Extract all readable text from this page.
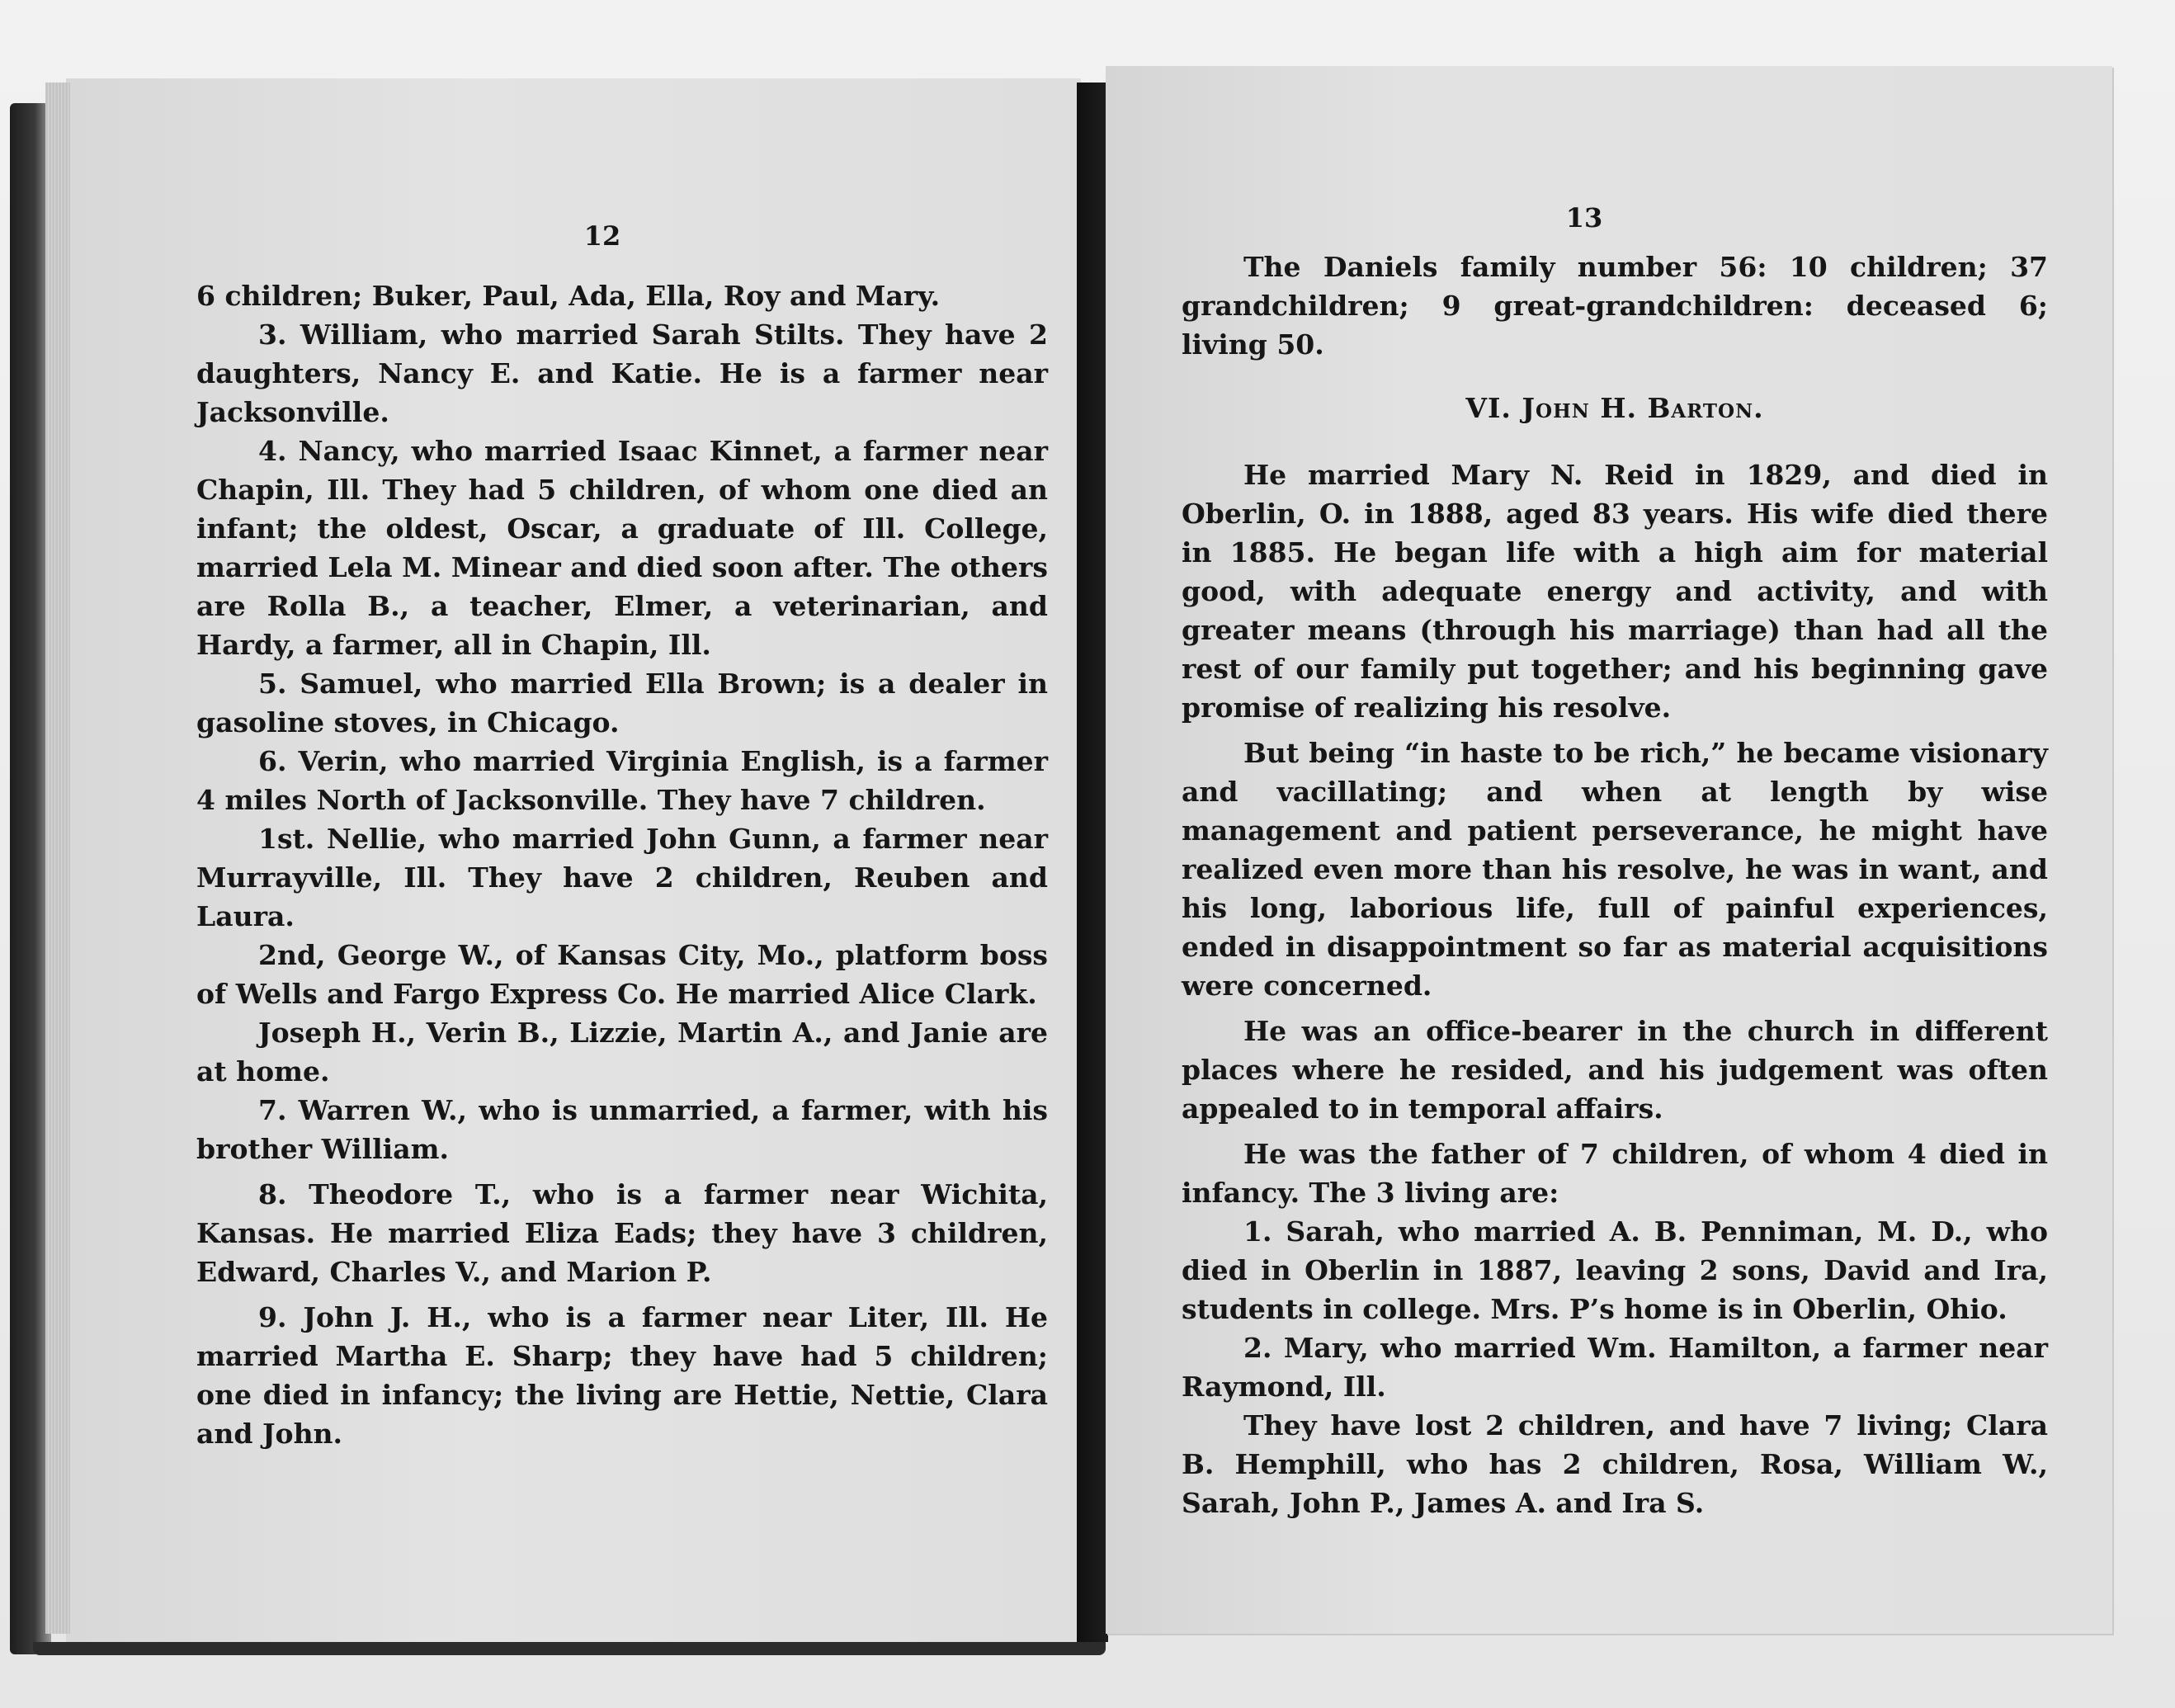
12

6 children; Buker, Paul, Ada, Ella, Roy and Mary.

3. William, who married Sarah Stilts. They have 2 daughters, Nancy E. and Katie. He is a farmer near Jacksonville.

4. Nancy, who married Isaac Kinnet, a farmer near Chapin, Ill. They had 5 children, of whom one died an infant; the oldest, Oscar, a graduate of Ill. College, married Lela M. Minear and died soon after. The others are Rolla B., a teacher, Elmer, a veterinarian, and Hardy, a farmer, all in Chapin, Ill.

5. Samuel, who married Ella Brown; is a dealer in gasoline stoves, in Chicago.

6. Verin, who married Virginia English, is a farmer 4 miles North of Jacksonville. They have 7 children.

1st. Nellie, who married John Gunn, a farmer near Murrayville, Ill. They have 2 children, Reuben and Laura.

2nd, George W., of Kansas City, Mo., platform boss of Wells and Fargo Express Co. He married Alice Clark.

Joseph H., Verin B., Lizzie, Martin A., and Janie are at home.

7. Warren W., who is unmarried, a farmer, with his brother William.

8. Theodore T., who is a farmer near Wichita, Kansas. He married Eliza Eads; they have 3 children, Edward, Charles V., and Marion P.

9. John J. H., who is a farmer near Liter, Ill. He married Martha E. Sharp; they have had 5 children; one died in infancy; the living are Hettie, Nettie, Clara and John.

13

The Daniels family number 56: 10 children; 37 grandchildren; 9 great-grandchildren: deceased 6; living 50.

VI. John H. Barton.

He married Mary N. Reid in 1829, and died in Oberlin, O. in 1888, aged 83 years. His wife died there in 1885. He began life with a high aim for material good, with adequate energy and activity, and with greater means (through his marriage) than had all the rest of our family put together; and his beginning gave promise of realizing his resolve.

But being “in haste to be rich,” he became visionary and vacillating; and when at length by wise management and patient perseverance, he might have realized even more than his resolve, he was in want, and his long, laborious life, full of painful experiences, ended in disappointment so far as material acquisitions were concerned.

He was an office-bearer in the church in different places where he resided, and his judgement was often appealed to in temporal affairs.

He was the father of 7 children, of whom 4 died in infancy. The 3 living are:

1. Sarah, who married A. B. Penniman, M. D., who died in Oberlin in 1887, leaving 2 sons, David and Ira, students in college. Mrs. P’s home is in Oberlin, Ohio.

2. Mary, who married Wm. Hamilton, a farmer near Raymond, Ill.

They have lost 2 children, and have 7 living; Clara B. Hemphill, who has 2 children, Rosa, William W., Sarah, John P., James A. and Ira S.
